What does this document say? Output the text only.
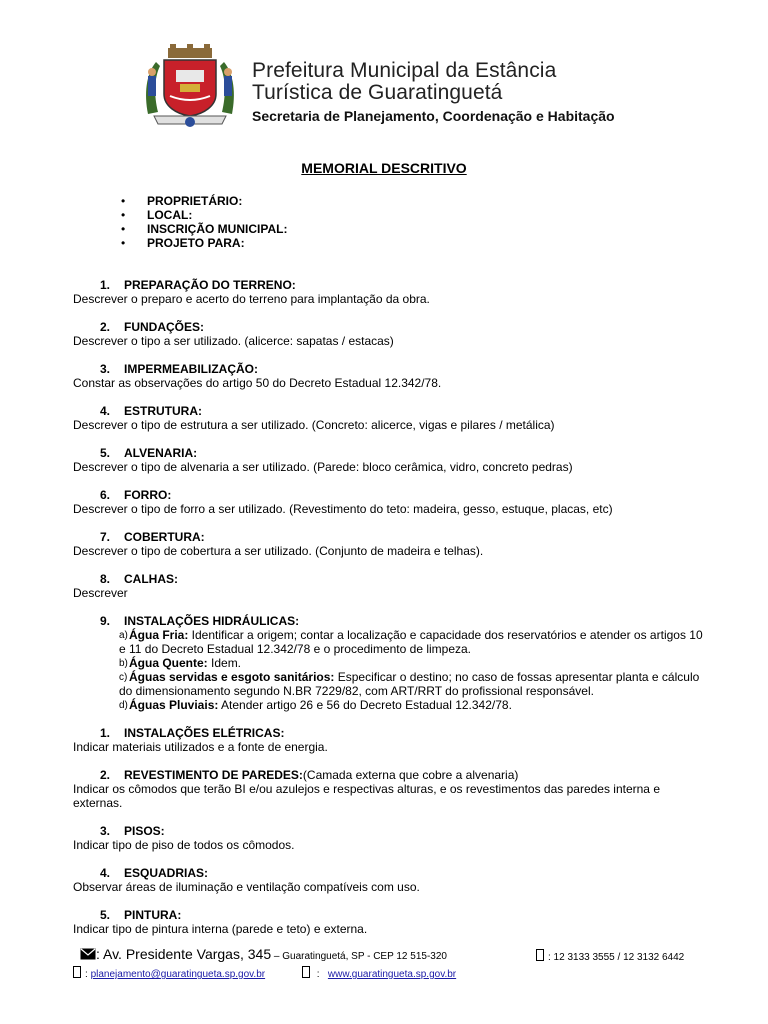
Prefeitura Municipal da Estância
Turística de Guaratinguetá
Secretaria de Planejamento, Coordenação e Habitação
MEMORIAL DESCRITIVO
• PROPRIETÁRIO:
• LOCAL:
• INSCRIÇÃO MUNICIPAL:
• PROJETO PARA:
1. PREPARAÇÃO DO TERRENO:
Descrever o preparo e acerto do terreno para implantação da obra.
2. FUNDAÇÕES:
Descrever o tipo a ser utilizado. (alicerce: sapatas / estacas)
3. IMPERMEABILIZAÇÃO:
Constar as observações do artigo 50 do Decreto Estadual 12.342/78.
4. ESTRUTURA:
Descrever o tipo de estrutura a ser utilizado. (Concreto: alicerce, vigas e pilares / metálica)
5. ALVENARIA:
Descrever o tipo de alvenaria a ser utilizado. (Parede: bloco cerâmica, vidro, concreto pedras)
6. FORRO:
Descrever o tipo de forro a ser utilizado. (Revestimento do teto: madeira, gesso, estuque, placas, etc)
7. COBERTURA:
Descrever o tipo de cobertura a ser utilizado. (Conjunto de madeira e telhas).
8. CALHAS:
Descrever
9. INSTALAÇÕES HIDRÁULICAS:
a) Água Fria: Identificar a origem; contar a localização e capacidade dos reservatórios e atender os artigos 10 e 11 do Decreto Estadual 12.342/78 e o procedimento de limpeza.
b) Água Quente: Idem.
c) Águas servidas e esgoto sanitários: Especificar o destino; no caso de fossas apresentar planta e cálculo do dimensionamento segundo N.BR 7229/82, com ART/RRT do profissional responsável.
d) Águas Pluviais: Atender artigo 26 e 56 do Decreto Estadual 12.342/78.
1. INSTALAÇÕES ELÉTRICAS:
Indicar materiais utilizados e a fonte de energia.
2. REVESTIMENTO DE PAREDES:(Camada externa que cobre a alvenaria)
Indicar os cômodos que terão BI e/ou azulejos e respectivas alturas, e os revestimentos das paredes interna e externas.
3. PISOS:
Indicar tipo de piso de todos os cômodos.
4. ESQUADRIAS:
Observar áreas de iluminação e ventilação compatíveis com uso.
5. PINTURA:
Indicar tipo de pintura interna (parede e teto) e externa.
: Av. Presidente Vargas, 345 – Guaratinguetá, SP - CEP 12 515-320	: 12 3133 3555 / 12 3132 6442
: planejamento@guaratingueta.sp.gov.br	: www.guaratingueta.sp.gov.br
